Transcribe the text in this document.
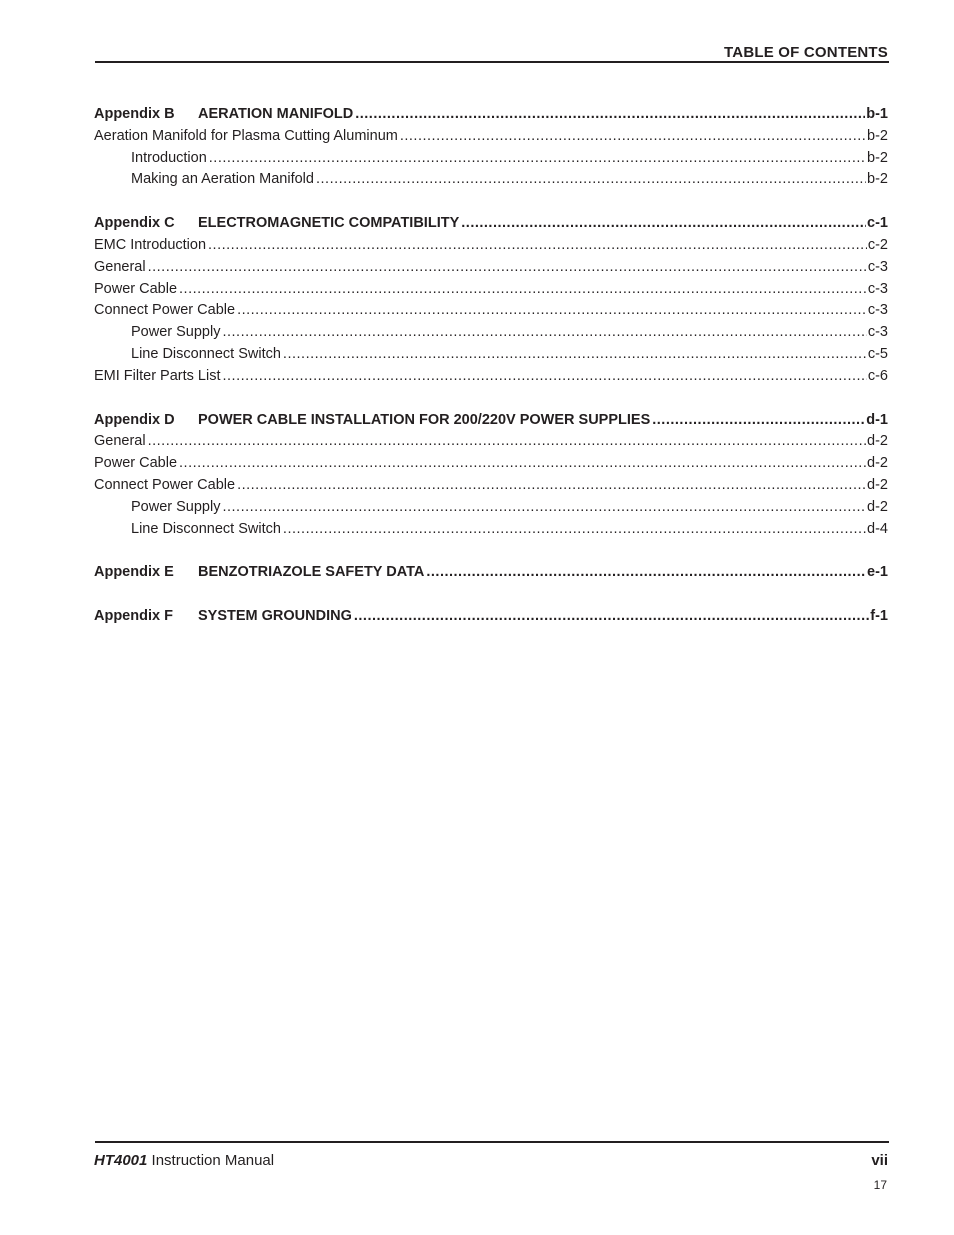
TABLE OF CONTENTS
Appendix B AERATION MANIFOLD .....	b-1
Aeration Manifold for Plasma Cutting Aluminum .....	b-2
Introduction .....	b-2
Making an Aeration Manifold .....	b-2
Appendix C ELECTROMAGNETIC COMPATIBILITY .....	c-1
EMC Introduction .....	c-2
General .....	c-3
Power Cable .....	c-3
Connect Power Cable .....	c-3
Power Supply .....	c-3
Line Disconnect Switch .....	c-5
EMI Filter Parts List .....	c-6
Appendix D POWER CABLE INSTALLATION FOR 200/220V POWER SUPPLIES .....	d-1
General .....	d-2
Power Cable .....	d-2
Connect Power Cable .....	d-2
Power Supply .....	d-2
Line Disconnect Switch .....	d-4
Appendix E BENZOTRIAZOLE SAFETY DATA .....	e-1
Appendix F SYSTEM GROUNDING .....	f-1
HT4001 Instruction Manual	vii
17
